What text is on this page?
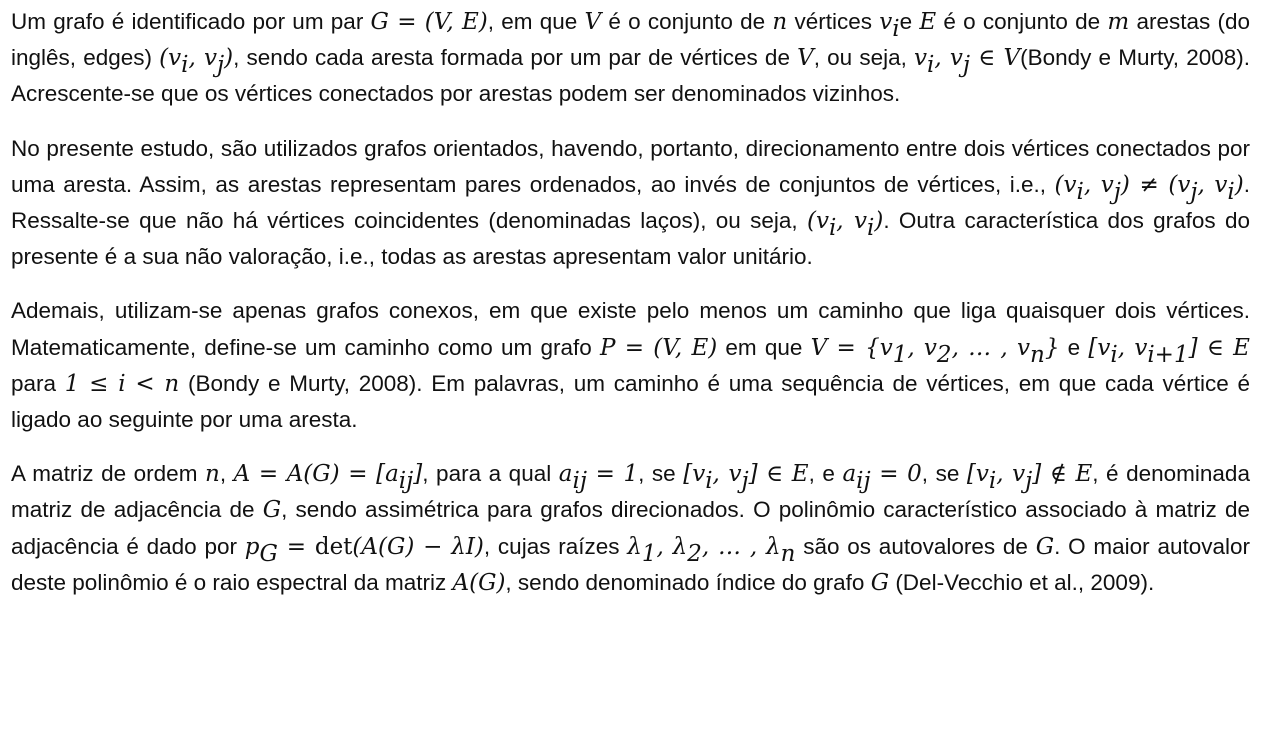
Um grafo é identificado por um par G = (V, E), em que V é o conjunto de n vértices $v_ie$ E é o conjunto de m arestas (do inglês, edges) ($v_i$, $v_j$), sendo cada aresta formada por um par de vértices de V, ou seja, $v_i$, $v_j$ ∈ V(Bondy e Murty, 2008). Acrescente-se que os vértices conectados por arestas podem ser denominados vizinhos.

No presente estudo, são utilizados grafos orientados, havendo, portanto, direcionamento entre dois vértices conectados por uma aresta. Assim, as arestas representam pares ordenados, ao invés de conjuntos de vértices, i.e., ($v_i$, $v_j) \ne (v_j$, $v_i$). Ressalte-se que não há vértices coincidentes (denominadas laços), ou seja, ($v_i$, $v_i$). Outra característica dos grafos do presente é a sua não valoração, i.e., todas as arestas apresentam valor unitário.

Ademais, utilizam-se apenas grafos conexos, em que existe pelo menos um caminho que liga quaisquer dois vértices. Matematicamente, define-se um caminho como um grafo P = (V, E) em que $V = \{v_1$, $v_2$, … , $v_n$} e [$v_i$, $v_{i+1}$] ∈ E para 1 ≤ i < n (Bondy e Murty, 2008). Em palavras, um caminho é uma sequência de vértices, em que cada vértice é ligado ao seguinte por uma aresta.

A matriz de ordem n, $A = A(G) = [a_{ij}]$, para a qual $a_{ij} = 1$, se [$v_i$, $v_j$] ∈ E, e $a_{ij} = 0$, se [$v_i$, $v_j$] ∉ E, é denominada matriz de adjacência de G, sendo assimétrica para grafos direcionados. O polinômio característico associado à matriz de adjacência é dado por $p_G = \det(A(G) - \lambda I)$, cujas raízes $\lambda_1$, $\lambda_2$, … , $\lambda_n$ são os autovalores de G. O maior autovalor deste polinômio é o raio espectral da matriz A(G), sendo denominado índice do grafo G (Del-Vecchio et al., 2009).
